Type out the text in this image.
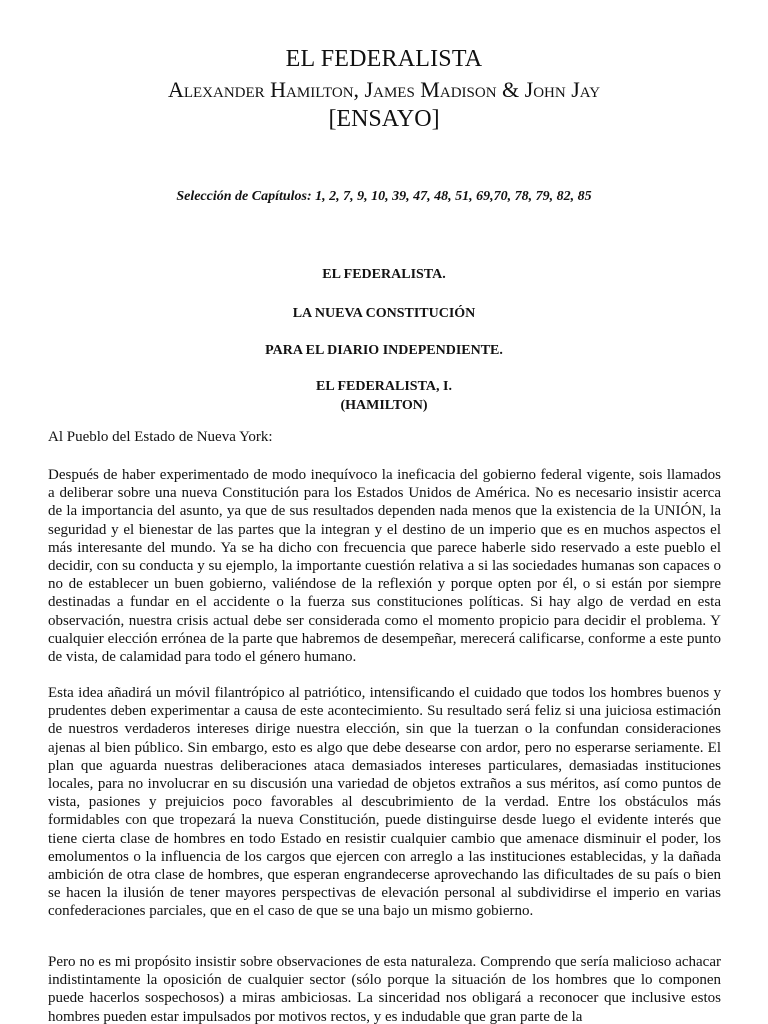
EL FEDERALISTA
Alexander Hamilton, James Madison & John Jay
[ENSAYO]
Selección de Capítulos: 1, 2, 7, 9, 10, 39, 47, 48, 51, 69,70, 78, 79, 82, 85
EL FEDERALISTA.
LA NUEVA CONSTITUCIÓN
PARA EL DIARIO INDEPENDIENTE.
EL FEDERALISTA, I.
(HAMILTON)
Al Pueblo del Estado de Nueva York:

Después de haber experimentado de modo inequívoco la ineficacia del gobierno federal vigente, sois llamados a deliberar sobre una nueva Constitución para los Estados Unidos de América. No es necesario insistir acerca de la importancia del asunto, ya que de sus resultados dependen nada menos que la existencia de la UNIÓN, la seguridad y el bienestar de las partes que la integran y el destino de un imperio que es en muchos aspectos el más interesante del mundo. Ya se ha dicho con frecuencia que parece haberle sido reservado a este pueblo el decidir, con su conducta y su ejemplo, la importante cuestión relativa a si las sociedades humanas son capaces o no de establecer un buen gobierno, valiéndose de la reflexión y porque opten por él, o si están por siempre destinadas a fundar en el accidente o la fuerza sus constituciones políticas. Si hay algo de verdad en esta observación, nuestra crisis actual debe ser considerada como el momento propicio para decidir el problema. Y cualquier elección errónea de la parte que habremos de desempeñar, merecerá calificarse, conforme a este punto de vista, de calamidad para todo el género humano.

Esta idea añadirá un móvil filantrópico al patriótico, intensificando el cuidado que todos los hombres buenos y prudentes deben experimentar a causa de este acontecimiento. Su resultado será feliz si una juiciosa estimación de nuestros verdaderos intereses dirige nuestra elección, sin que la tuerzan o la confundan consideraciones ajenas al bien público. Sin embargo, esto es algo que debe desearse con ardor, pero no esperarse seriamente. El plan que aguarda nuestras deliberaciones ataca demasiados intereses particulares, demasiadas instituciones locales, para no involucrar en su discusión una variedad de objetos extraños a sus méritos, así como puntos de vista, pasiones y prejuicios poco favorables al descubrimiento de la verdad. Entre los obstáculos más formidables con que tropezará la nueva Constitución, puede distinguirse desde luego el evidente interés que tiene cierta clase de hombres en todo Estado en resistir cualquier cambio que amenace disminuir el poder, los emolumentos o la influencia de los cargos que ejercen con arreglo a las instituciones establecidas, y la dañada ambición de otra clase de hombres, que esperan engrandecerse aprovechando las dificultades de su país o bien se hacen la ilusión de tener mayores perspectivas de elevación personal al subdividirse el imperio en varias confederaciones parciales, que en el caso de que se una bajo un mismo gobierno.

Pero no es mi propósito insistir sobre observaciones de esta naturaleza. Comprendo que sería malicioso achacar indistintamente la oposición de cualquier sector (sólo porque la situación de los hombres que lo componen puede hacerlos sospechosos) a miras ambiciosas. La sinceridad nos obligará a reconocer que inclusive estos hombres pueden estar impulsados por motivos rectos, y es indudable que gran parte de la
